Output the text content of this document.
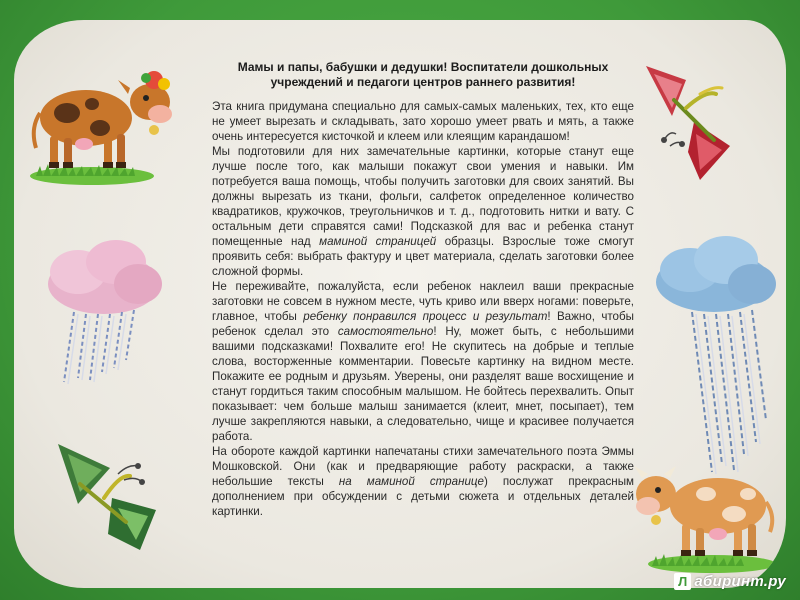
Мамы и папы, бабушки и дедушки! Воспитатели дошкольных учреждений и педагоги центров раннего развития!

Эта книга придумана специально для самых-самых маленьких, тех, кто еще не умеет вырезать и складывать, зато хорошо умеет рвать и мять, а также очень интересуется кисточкой и клеем или клеящим карандашом!

Мы подготовили для них замечательные картинки, которые станут еще лучше после того, как малыши покажут свои умения и навыки. Им потребуется ваша помощь, чтобы получить заготовки для своих занятий. Вы должны вырезать из ткани, фольги, салфеток определенное количество квадратиков, кружочков, треугольничков и т. д., подготовить нитки и вату. С остальным дети справятся сами! Подсказкой для вас и ребенка станут помещенные над маминой страницей образцы. Взрослые тоже смогут проявить себя: выбрать фактуру и цвет материала, сделать заготовки более сложной формы.

Не переживайте, пожалуйста, если ребенок наклеил ваши прекрасные заготовки не совсем в нужном месте, чуть криво или вверх ногами: поверьте, главное, чтобы ребенку понравился процесс и результат! Важно, чтобы ребенок сделал это самостоятельно! Ну, может быть, с небольшими вашими подсказками! Похвалите его! Не скупитесь на добрые и теплые слова, восторженные комментарии. Повесьте картинку на видном месте. Покажите ее родным и друзьям. Уверены, они разделят ваше восхищение и станут гордиться таким способным малышом. Не бойтесь перехвалить. Опыт показывает: чем больше малыш занимается (клеит, мнет, посыпает), тем лучше закрепляются навыки, а следовательно, чище и красивее получается работа.

На обороте каждой картинки напечатаны стихи замечательного поэта Эммы Мошковской. Они (как и предваряющие работу раскраски, а также небольшие тексты на маминой странице) послужат прекрасным дополнением при обсуждении с детьми сюжета и отдельных деталей картинки.

Л абиринт.ру
